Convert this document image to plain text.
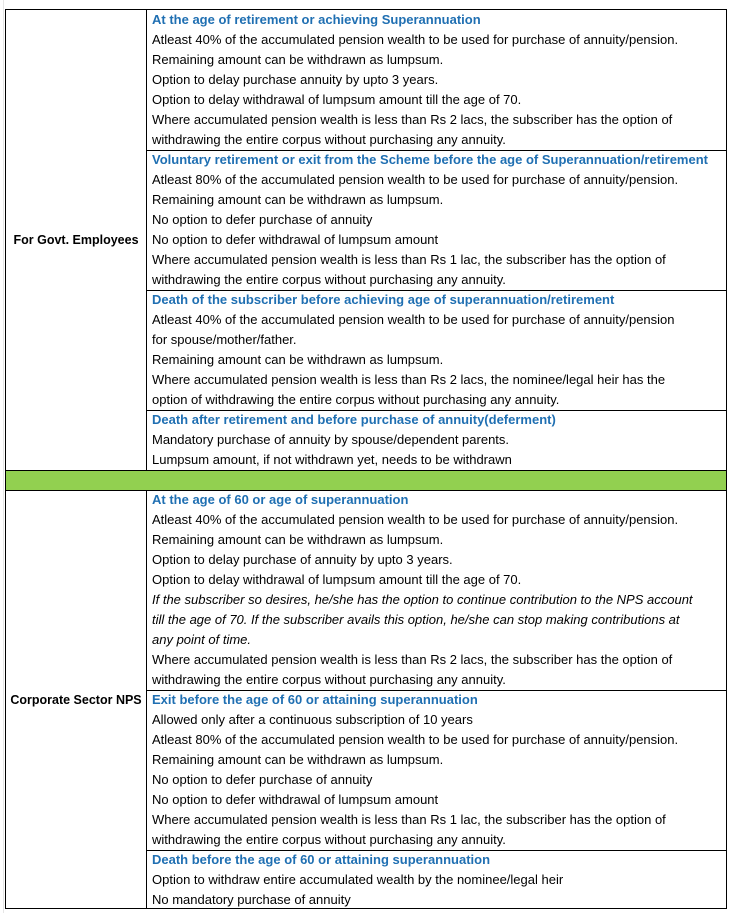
For Govt. Employees
At the age of retirement or achieving Superannuation
Atleast 40% of the accumulated pension wealth to be used for purchase of annuity/pension.
Remaining amount can be withdrawn as lumpsum.
Option to delay purchase annuity by upto 3 years.
Option to delay withdrawal of lumpsum amount till the age of 70.
Where accumulated pension wealth is less than Rs 2 lacs, the subscriber has the option of
withdrawing the entire corpus without purchasing any annuity.
Voluntary retirement or exit from the Scheme before the age of Superannuation/retirement
Atleast 80% of the accumulated pension wealth to be used for purchase of annuity/pension.
Remaining amount can be withdrawn as lumpsum.
No option to defer purchase of annuity
No option to defer withdrawal of lumpsum amount
Where accumulated pension wealth is less than Rs 1 lac, the subscriber has the option of
withdrawing the entire corpus without purchasing any annuity.
Death of the subscriber before achieving age of superannuation/retirement
Atleast 40% of the accumulated pension wealth to be used for purchase of annuity/pension
for spouse/mother/father.
Remaining amount can be withdrawn as lumpsum.
Where accumulated pension wealth is less than Rs 2 lacs, the nominee/legal heir has the
option of withdrawing the entire corpus without purchasing any annuity.
Death after retirement and before purchase of annuity(deferment)
Mandatory purchase of annuity by spouse/dependent parents.
Lumpsum amount, if not withdrawn yet, needs to be withdrawn
Corporate Sector NPS
At the age of 60 or age of superannuation
Atleast 40% of the accumulated pension wealth to be used for purchase of annuity/pension.
Remaining amount can be withdrawn as lumpsum.
Option to delay purchase of annuity by upto 3 years.
Option to delay withdrawal of lumpsum amount till the age of 70.
If the subscriber so desires, he/she has the option to continue contribution to the NPS account
till the age of 70. If the subscriber avails this option, he/she can stop making contributions at
any point of time.
Where accumulated pension wealth is less than Rs 2 lacs, the subscriber has the option of
withdrawing the entire corpus without purchasing any annuity.
Exit before the age of 60 or attaining superannuation
Allowed only after a continuous subscription of 10 years
Atleast 80% of the accumulated pension wealth to be used for purchase of annuity/pension.
Remaining amount can be withdrawn as lumpsum.
No option to defer purchase of annuity
No option to defer withdrawal of lumpsum amount
Where accumulated pension wealth is less than Rs 1 lac, the subscriber has the option of
withdrawing the entire corpus without purchasing any annuity.
Death before the age of 60 or attaining superannuation
Option to withdraw entire accumulated wealth by the nominee/legal heir
No mandatory purchase of annuity
